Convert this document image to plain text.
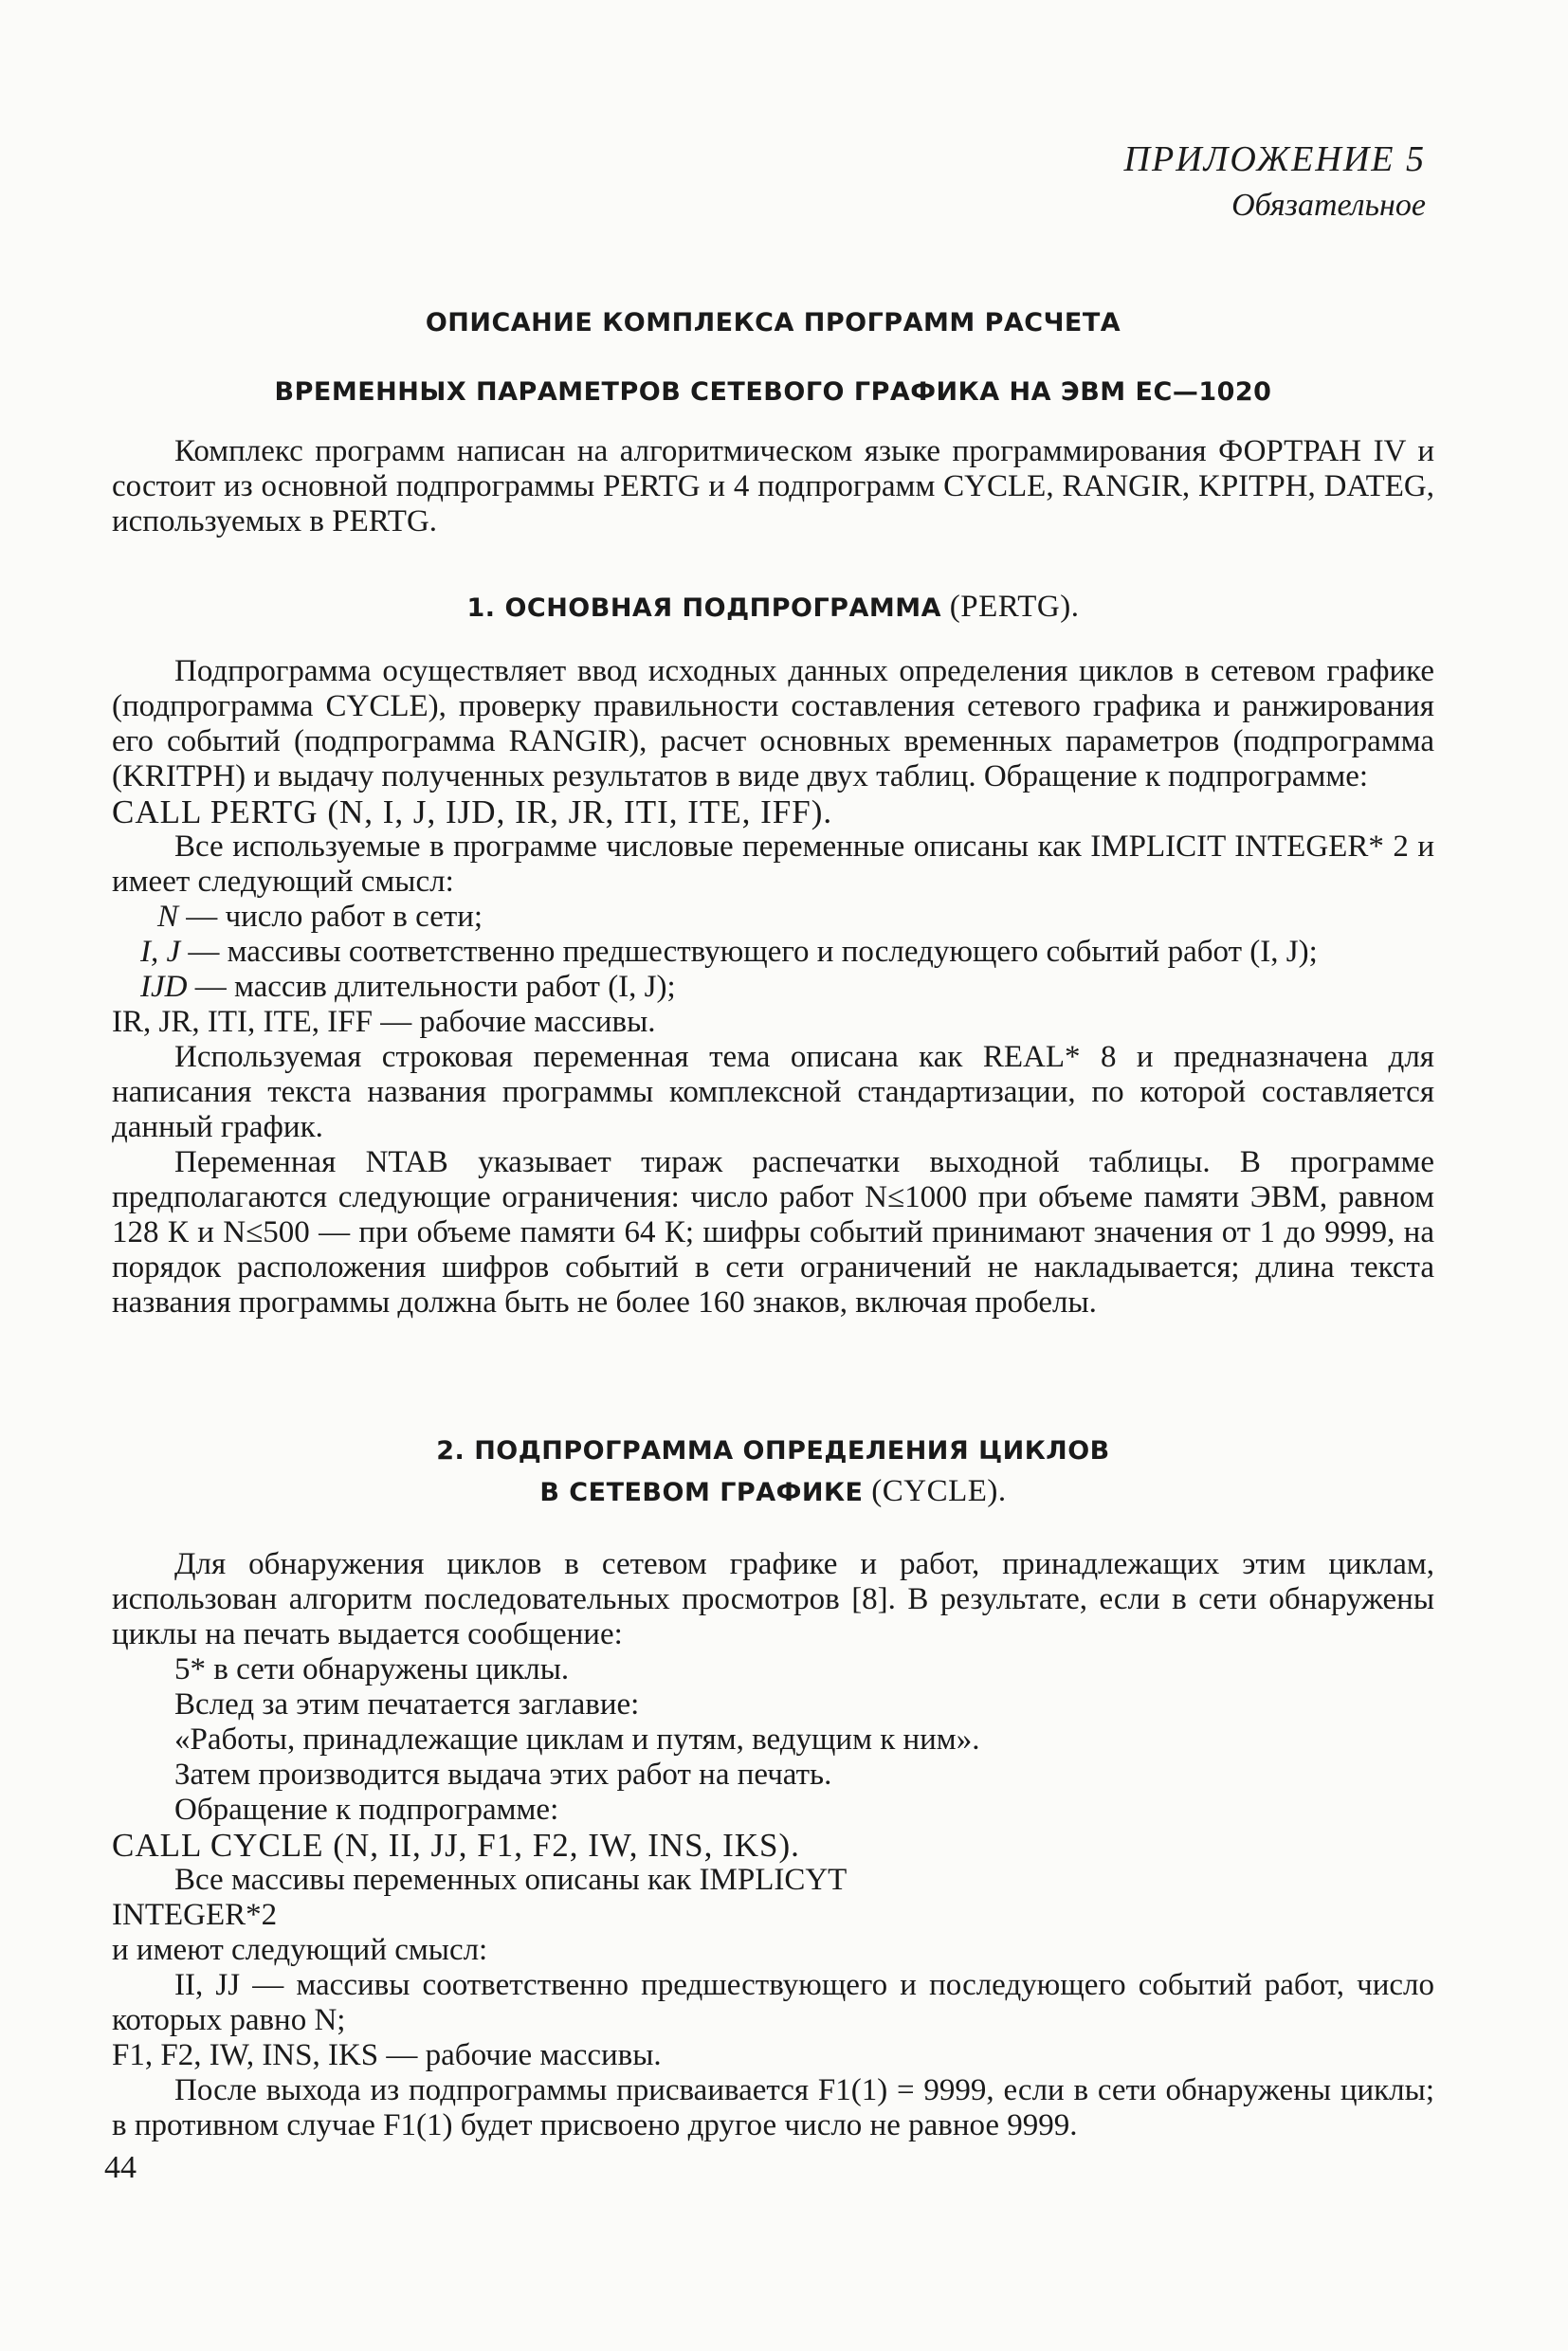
ПРИЛОЖЕНИЕ 5
Обязательное

ОПИСАНИЕ КОМПЛЕКСА ПРОГРАММ РАСЧЕТА

ВРЕМЕННЫХ ПАРАМЕТРОВ СЕТЕВОГО ГРАФИКА НА ЭВМ ЕС—1020

Комплекс программ написан на алгоритмическом языке программирования ФОРТРАН IV и состоит из основной подпрограммы PERTG и 4 подпрограмм CYCLE, RANGIR, KPITPH, DATEG, используемых в PERTG.

1. ОСНОВНАЯ ПОДПРОГРАММА (PERTG).

Подпрограмма осуществляет ввод исходных данных определения циклов в сетевом графике (подпрограмма CYCLE), проверку правильности составления сетевого графика и ранжирования его событий (подпрограмма RANGIR), расчет основных временных параметров (подпрограмма (KRITPH) и выдачу полученных результатов в виде двух таблиц. Обращение к подпрограмме:

CALL PERTG (N, I, J, IJD, IR, JR, ITI, ITE, IFF).

Все используемые в программе числовые переменные описаны как IMPLICIT INTEGER* 2 и имеет следующий смысл:

N — число работ в сети;

I, J — массивы соответственно предшествующего и последующего событий работ (I, J);

IJD — массив длительности работ (I, J);

IR, JR, ITI, ITE, IFF — рабочие массивы.

Используемая строковая переменная тема описана как REAL* 8 и предназначена для написания текста названия программы комплексной стандартизации, по которой составляется данный график.

Переменная NTAB указывает тираж распечатки выходной таблицы. В программе предполагаются следующие ограничения: число работ N≤1000 при объеме памяти ЭВМ, равном 128 К и N≤500 — при объеме памяти 64 К; шифры событий принимают значения от 1 до 9999, на порядок расположения шифров событий в сети ограничений не накладывается; длина текста названия программы должна быть не более 160 знаков, включая пробелы.

2. ПОДПРОГРАММА ОПРЕДЕЛЕНИЯ ЦИКЛОВ

В СЕТЕВОМ ГРАФИКЕ (CYCLE).

Для обнаружения циклов в сетевом графике и работ, принадлежащих этим циклам, использован алгоритм последовательных просмотров [8]. В результате, если в сети обнаружены циклы на печать выдается сообщение:

5* в сети обнаружены циклы.

Вслед за этим печатается заглавие:

«Работы, принадлежащие циклам и путям, ведущим к ним».

Затем производится выдача этих работ на печать.

Обращение к подпрограмме:

CALL CYCLE (N, II, JJ, F1, F2, IW, INS, IKS).

Все массивы переменных описаны как IMPLICYT

INTEGER*2

и имеют следующий смысл:

II, JJ — массивы соответственно предшествующего и последующего событий работ, число которых равно N;

F1, F2, IW, INS, IKS — рабочие массивы.

После выхода из подпрограммы присваивается F1(1) = 9999, если в сети обнаружены циклы; в противном случае F1(1) будет присвоено другое число не равное 9999.

44
